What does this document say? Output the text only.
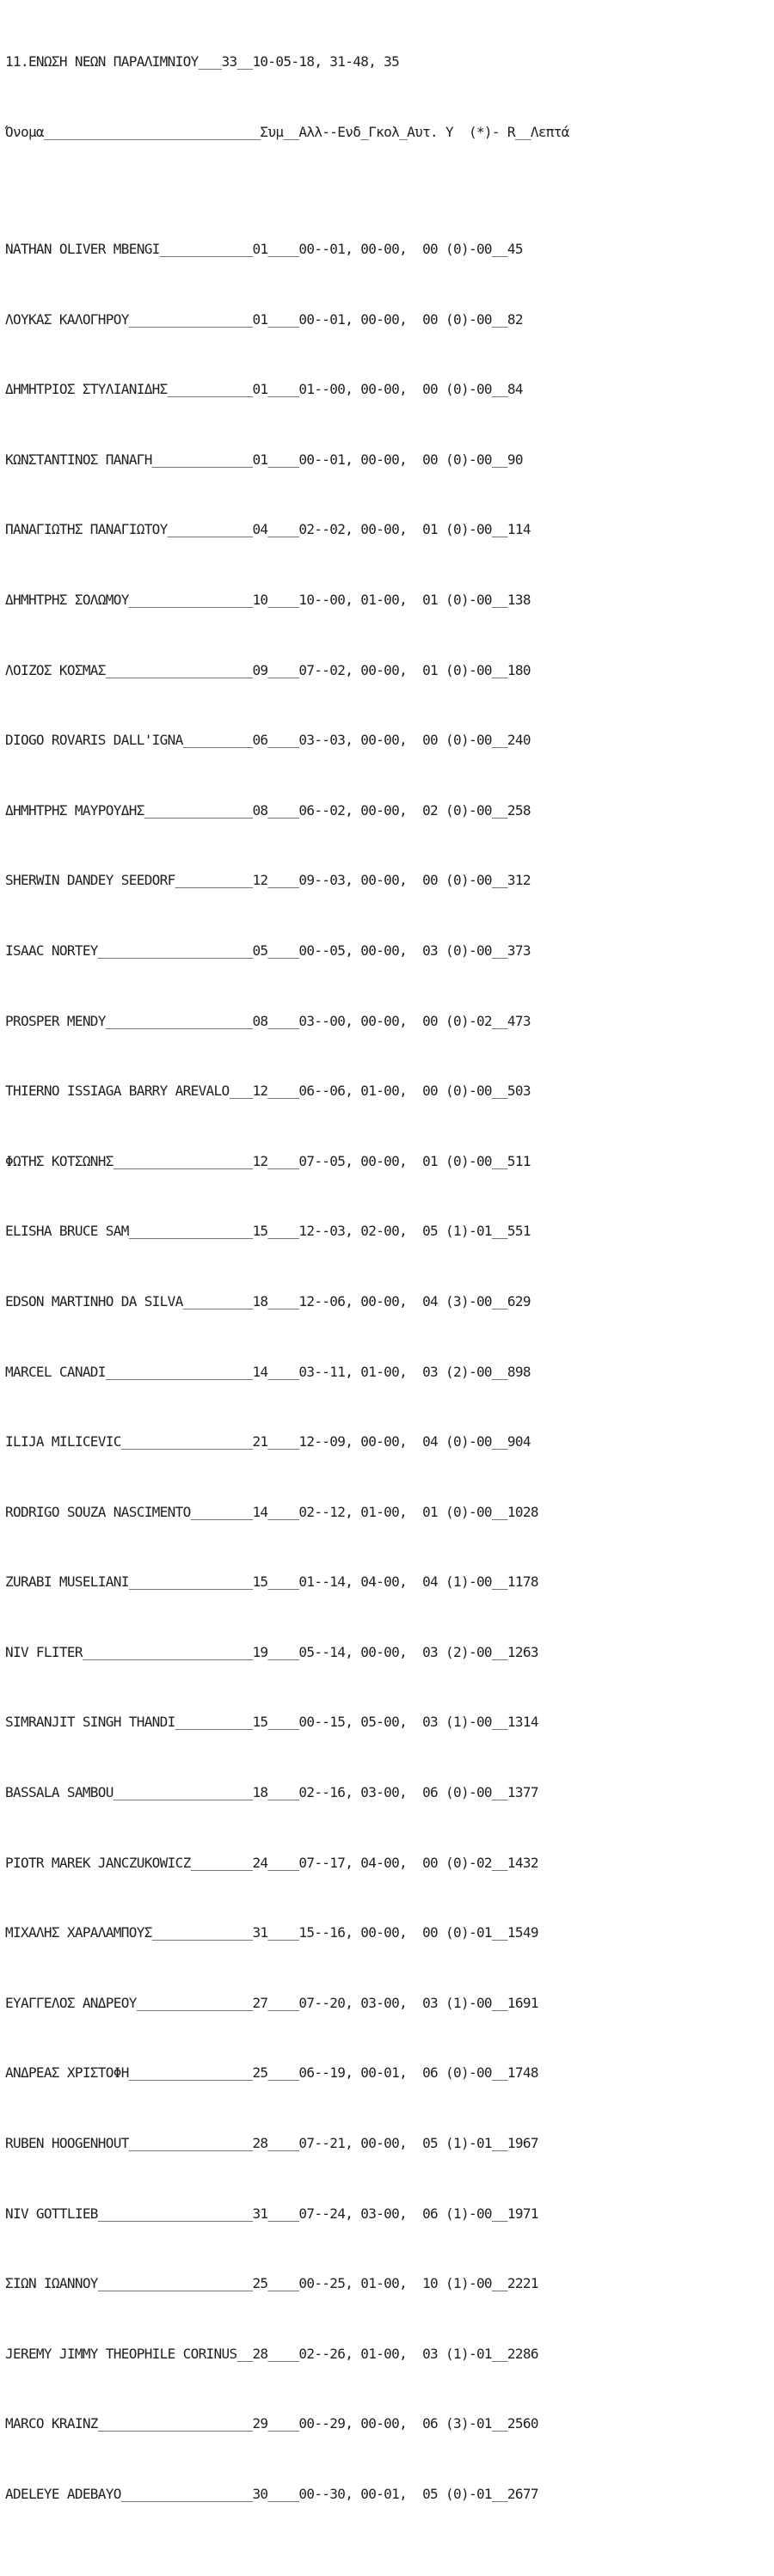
11.ΕΝΩΣΗ ΝΕΩΝ ΠΑΡΑΛΙΜΝΙΟΥ___33__10-05-18, 31-48, 35

Όνομα____________________________Συμ__Αλλ--Ενδ_Γκολ_Αυτ. Υ  (*)- R__Λεπτά

NATHAN OLIVER MBENGI____________01____00--01, 00-00,  00 (0)-00__45

ΛΟΥΚΑΣ ΚΑΛΟΓΗΡΟΥ________________01____00--01, 00-00,  00 (0)-00__82

ΔΗΜΗΤΡΙΟΣ ΣΤΥΛΙΑΝΙΔΗΣ___________01____01--00, 00-00,  00 (0)-00__84

ΚΩΝΣΤΑΝΤΙΝΟΣ ΠΑΝΑΓΗ_____________01____00--01, 00-00,  00 (0)-00__90

ΠΑΝΑΓΙΩΤΗΣ ΠΑΝΑΓΙΩΤΟΥ___________04____02--02, 00-00,  01 (0)-00__114

ΔΗΜΗΤΡΗΣ ΣΟΛΩΜΟΥ________________10____10--00, 01-00,  01 (0)-00__138

ΛΟΙΖΟΣ ΚΟΣΜΑΣ___________________09____07--02, 00-00,  01 (0)-00__180

DIOGO ROVARIS DALL'IGNA_________06____03--03, 00-00,  00 (0)-00__240

ΔΗΜΗΤΡΗΣ ΜΑΥΡΟΥΔΗΣ______________08____06--02, 00-00,  02 (0)-00__258

SHERWIN DANDEY SEEDORF__________12____09--03, 00-00,  00 (0)-00__312

ISAAC NORTEY____________________05____00--05, 00-00,  03 (0)-00__373

PROSPER MENDY___________________08____03--00, 00-00,  00 (0)-02__473

THIERNO ISSIAGA BARRY AREVALO___12____06--06, 01-00,  00 (0)-00__503

ΦΩΤΗΣ ΚΟΤΣΩΝΗΣ__________________12____07--05, 00-00,  01 (0)-00__511

ELISHA BRUCE SAM________________15____12--03, 02-00,  05 (1)-01__551

EDSON MARTINHO DA SILVA_________18____12--06, 00-00,  04 (3)-00__629

MARCEL CANADI___________________14____03--11, 01-00,  03 (2)-00__898

ILIJA MILICEVIC_________________21____12--09, 00-00,  04 (0)-00__904

RODRIGO SOUZA NASCIMENTO________14____02--12, 01-00,  01 (0)-00__1028

ZURABI MUSELIANI________________15____01--14, 04-00,  04 (1)-00__1178

NIV FLITER______________________19____05--14, 00-00,  03 (2)-00__1263

SIMRANJIT SINGH THANDI__________15____00--15, 05-00,  03 (1)-00__1314

BASSALA SAMBOU__________________18____02--16, 03-00,  06 (0)-00__1377

PIOTR MAREK JANCZUKOWICZ________24____07--17, 04-00,  00 (0)-02__1432

ΜΙΧΑΛΗΣ ΧΑΡΑΛΑΜΠΟΥΣ_____________31____15--16, 00-00,  00 (0)-01__1549

ΕΥΑΓΓΕΛΟΣ ΑΝΔΡΕΟΥ_______________27____07--20, 03-00,  03 (1)-00__1691

ΑΝΔΡΕΑΣ ΧΡΙΣΤΟΦΗ________________25____06--19, 00-01,  06 (0)-00__1748

RUBEN HOOGENHOUT________________28____07--21, 00-00,  05 (1)-01__1967

NIV GOTTLIEB____________________31____07--24, 03-00,  06 (1)-00__1971

ΣΙΩΝ ΙΩΑΝΝΟΥ____________________25____00--25, 01-00,  10 (1)-00__2221

JEREMY JIMMY THEOPHILE CORINUS__28____02--26, 01-00,  03 (1)-01__2286

MARCO KRAINZ____________________29____00--29, 00-00,  06 (3)-01__2560

ADELEYE ADEBAYO_________________30____00--30, 00-01,  05 (0)-01__2677
